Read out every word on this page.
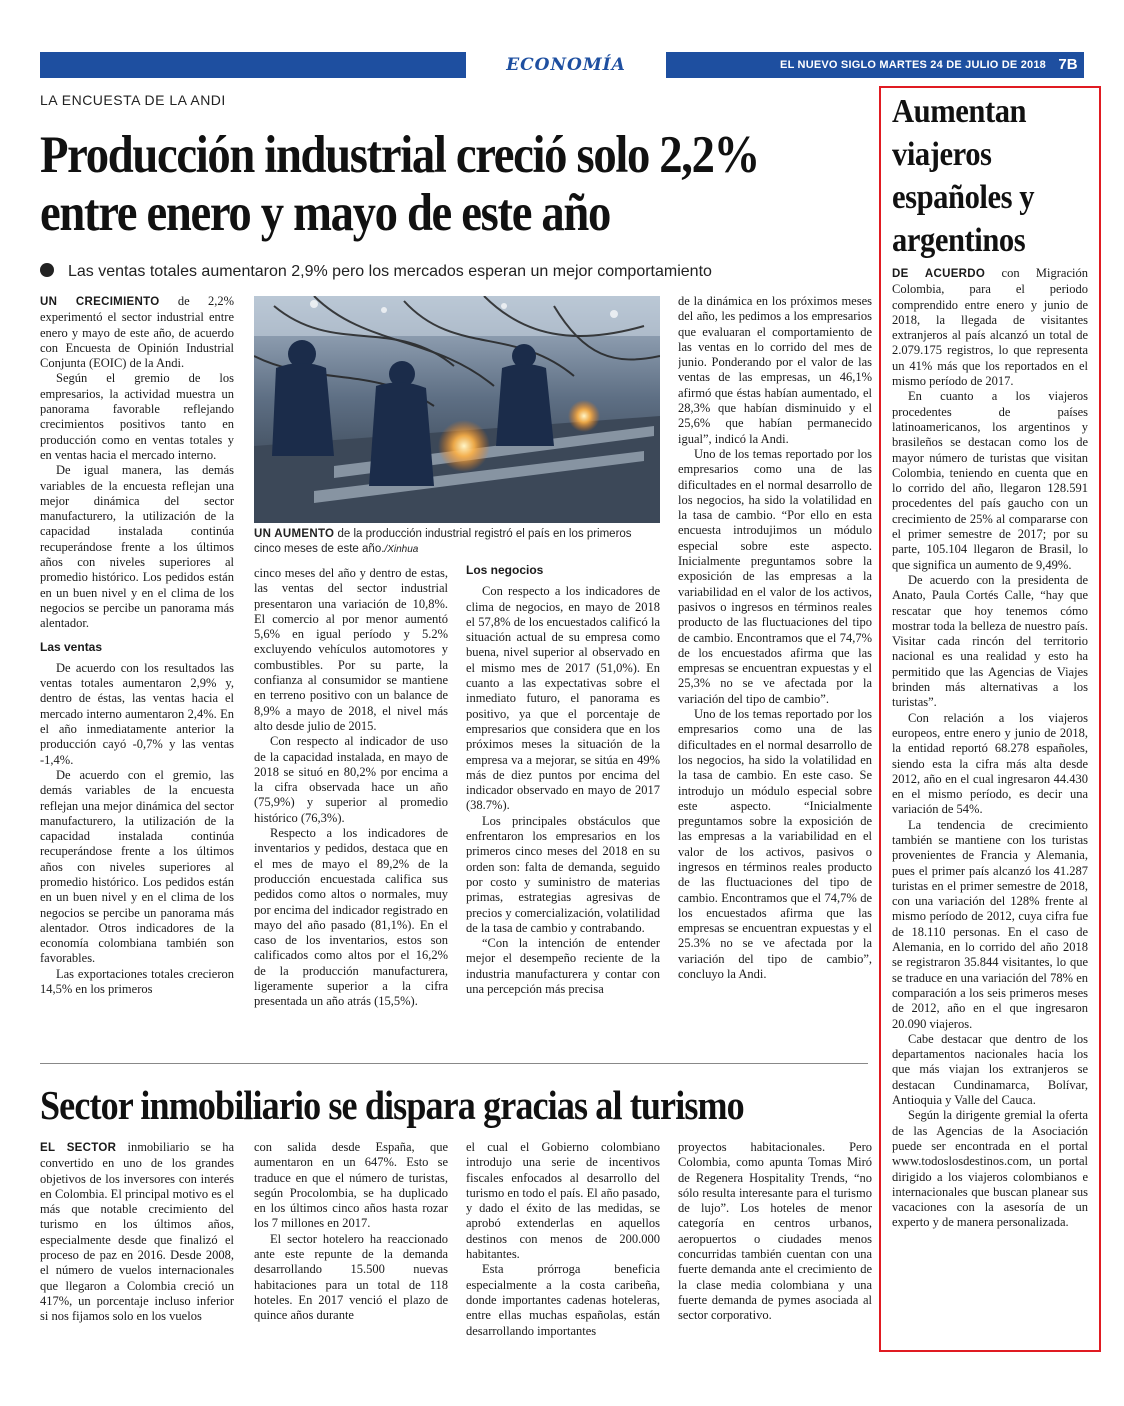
ECONOMÍA	EL NUEVO SIGLO MARTES 24 DE JULIO DE 2018 7B
LA ENCUESTA DE LA ANDI
Producción industrial creció solo 2,2% entre enero y mayo de este año
Las ventas totales aumentaron 2,9% pero los mercados esperan un mejor comportamiento

UN CRECIMIENTO de 2,2% experimentó el sector industrial entre enero y mayo de este año, de acuerdo con Encuesta de Opinión Industrial Conjunta (EOIC) de la Andi.

Según el gremio de los empresarios, la actividad muestra un panorama favorable reflejando crecimientos positivos tanto en producción como en ventas totales y en ventas hacia el mercado interno.

De igual manera, las demás variables de la encuesta reflejan una mejor dinámica del sector manufacturero, la utilización de la capacidad instalada continúa recuperándose frente a los últimos años con niveles superiores al promedio histórico. Los pedidos están en un buen nivel y en el clima de los negocios se percibe un panorama más alentador.

Las ventas

De acuerdo con los resultados las ventas totales aumentaron 2,9% y, dentro de éstas, las ventas hacia el mercado interno aumentaron 2,4%. En el año inmediatamente anterior la producción cayó -0,7% y las ventas -1,4%.

De acuerdo con el gremio, las demás variables de la encuesta reflejan una mejor dinámica del sector manufacturero, la utilización de la capacidad instalada continúa recuperándose frente a los últimos años con niveles superiores al promedio histórico. Los pedidos están en un buen nivel y en el clima de los negocios se percibe un panorama más alentador. Otros indicadores de la economía colombiana también son favorables.

Las exportaciones totales crecieron 14,5% en los primeros

UN AUMENTO de la producción industrial registró el país en los primeros cinco meses de este año./Xinhua

cinco meses del año y dentro de estas, las ventas del sector industrial presentaron una variación de 10,8%. El comercio al por menor aumentó 5,6% en igual período y 5.2% excluyendo vehículos automotores y combustibles. Por su parte, la confianza al consumidor se mantiene en terreno positivo con un balance de 8,9% a mayo de 2018, el nivel más alto desde julio de 2015.

Con respecto al indicador de uso de la capacidad instalada, en mayo de 2018 se situó en 80,2% por encima a la cifra observada hace un año (75,9%) y superior al promedio histórico (76,3%).

Respecto a los indicadores de inventarios y pedidos, destaca que en el mes de mayo el 89,2% de la producción encuestada califica sus pedidos como altos o normales, muy por encima del indicador registrado en mayo del año pasado (81,1%). En el caso de los inventarios, estos son calificados como altos por el 16,2% de la producción manufacturera, ligeramente superior a la cifra presentada un año atrás (15,5%).

Los negocios

Con respecto a los indicadores de clima de negocios, en mayo de 2018 el 57,8% de los encuestados calificó la situación actual de su empresa como buena, nivel superior al observado en el mismo mes de 2017 (51,0%). En cuanto a las expectativas sobre el inmediato futuro, el panorama es positivo, ya que el porcentaje de empresarios que considera que en los próximos meses la situación de la empresa va a mejorar, se sitúa en 49% más de diez puntos por encima del indicador observado en mayo de 2017 (38.7%).

Los principales obstáculos que enfrentaron los empresarios en los primeros cinco meses del 2018 en su orden son: falta de demanda, seguido por costo y suministro de materias primas, estrategias agresivas de precios y comercialización, volatilidad de la tasa de cambio y contrabando.

“Con la intención de entender mejor el desempeño reciente de la industria manufacturera y contar con una percepción más precisa

de la dinámica en los próximos meses del año, les pedimos a los empresarios que evaluaran el comportamiento de las ventas en lo corrido del mes de junio. Ponderando por el valor de las ventas de las empresas, un 46,1% afirmó que éstas habían aumentado, el 28,3% que habían disminuido y el 25,6% que habían permanecido igual”, indicó la Andi.

Uno de los temas reportado por los empresarios como una de las dificultades en el normal desarrollo de los negocios, ha sido la volatilidad en la tasa de cambio. “Por ello en esta encuesta introdujimos un módulo especial sobre este aspecto. Inicialmente preguntamos sobre la exposición de las empresas a la variabilidad en el valor de los activos, pasivos o ingresos en términos reales producto de las fluctuaciones del tipo de cambio. Encontramos que el 74,7% de los encuestados afirma que las empresas se encuentran expuestas y el 25,3% no se ve afectada por la variación del tipo de cambio”.

Uno de los temas reportado por los empresarios como una de las dificultades en el normal desarrollo de los negocios, ha sido la volatilidad en la tasa de cambio. En este caso. Se introdujo un módulo especial sobre este aspecto. “Inicialmente preguntamos sobre la exposición de las empresas a la variabilidad en el valor de los activos, pasivos o ingresos en términos reales producto de las fluctuaciones del tipo de cambio. Encontramos que el 74,7% de los encuestados afirma que las empresas se encuentran expuestas y el 25.3% no se ve afectada por la variación del tipo de cambio”, concluyo la Andi.

Sector inmobiliario se dispara gracias al turismo

EL SECTOR inmobiliario se ha convertido en uno de los grandes objetivos de los inversores con interés en Colombia. El principal motivo es el más que notable crecimiento del turismo en los últimos años, especialmente desde que finalizó el proceso de paz en 2016. Desde 2008, el número de vuelos internacionales que llegaron a Colombia creció un 417%, un porcentaje incluso inferior si nos fijamos solo en los vuelos

con salida desde España, que aumentaron en un 647%. Esto se traduce en que el número de turistas, según Procolombia, se ha duplicado en los últimos cinco años hasta rozar los 7 millones en 2017.

El sector hotelero ha reaccionado ante este repunte de la demanda desarrollando 15.500 nuevas habitaciones para un total de 118 hoteles. En 2017 venció el plazo de quince años durante

el cual el Gobierno colombiano introdujo una serie de incentivos fiscales enfocados al desarrollo del turismo en todo el país. El año pasado, y dado el éxito de las medidas, se aprobó extenderlas en aquellos destinos con menos de 200.000 habitantes.

Esta prórroga beneficia especialmente a la costa caribeña, donde importantes cadenas hoteleras, entre ellas muchas españolas, están desarrollando importantes

proyectos habitacionales. Pero Colombia, como apunta Tomas Miró de Regenera Hospitality Trends, “no sólo resulta interesante para el turismo de lujo”. Los hoteles de menor categoría en centros urbanos, aeropuertos o ciudades menos concurridas también cuentan con una fuerte demanda ante el crecimiento de la clase media colombiana y una fuerte demanda de pymes asociada al sector corporativo.

Aumentan viajeros españoles y argentinos

DE ACUERDO con Migración Colombia, para el periodo comprendido entre enero y junio de 2018, la llegada de visitantes extranjeros al país alcanzó un total de 2.079.175 registros, lo que representa un 41% más que los reportados en el mismo período de 2017.

En cuanto a los viajeros procedentes de países latinoamericanos, los argentinos y brasileños se destacan como los de mayor número de turistas que visitan Colombia, teniendo en cuenta que en lo corrido del año, llegaron 128.591 procedentes del país gaucho con un crecimiento de 25% al compararse con el primer semestre de 2017; por su parte, 105.104 llegaron de Brasil, lo que significa un aumento de 9,49%.

De acuerdo con la presidenta de Anato, Paula Cortés Calle, “hay que rescatar que hoy tenemos cómo mostrar toda la belleza de nuestro país. Visitar cada rincón del territorio nacional es una realidad y esto ha permitido que las Agencias de Viajes brinden más alternativas a los turistas”.

Con relación a los viajeros europeos, entre enero y junio de 2018, la entidad reportó 68.278 españoles, siendo esta la cifra más alta desde 2012, año en el cual ingresaron 44.430 en el mismo período, es decir una variación de 54%.

La tendencia de crecimiento también se mantiene con los turistas provenientes de Francia y Alemania, pues el primer país alcanzó los 41.287 turistas en el primer semestre de 2018, con una variación del 128% frente al mismo período de 2012, cuya cifra fue de 18.110 personas. En el caso de Alemania, en lo corrido del año 2018 se registraron 35.844 visitantes, lo que se traduce en una variación del 78% en comparación a los seis primeros meses de 2012, año en el que ingresaron 20.090 viajeros.

Cabe destacar que dentro de los departamentos nacionales hacia los que más viajan los extranjeros se destacan Cundinamarca, Bolívar, Antioquia y Valle del Cauca.

Según la dirigente gremial la oferta de las Agencias de la Asociación puede ser encontrada en el portal www.todoslosdestinos.com, un portal dirigido a los viajeros colombianos e internacionales que buscan planear sus vacaciones con la asesoría de un experto y de manera personalizada.
